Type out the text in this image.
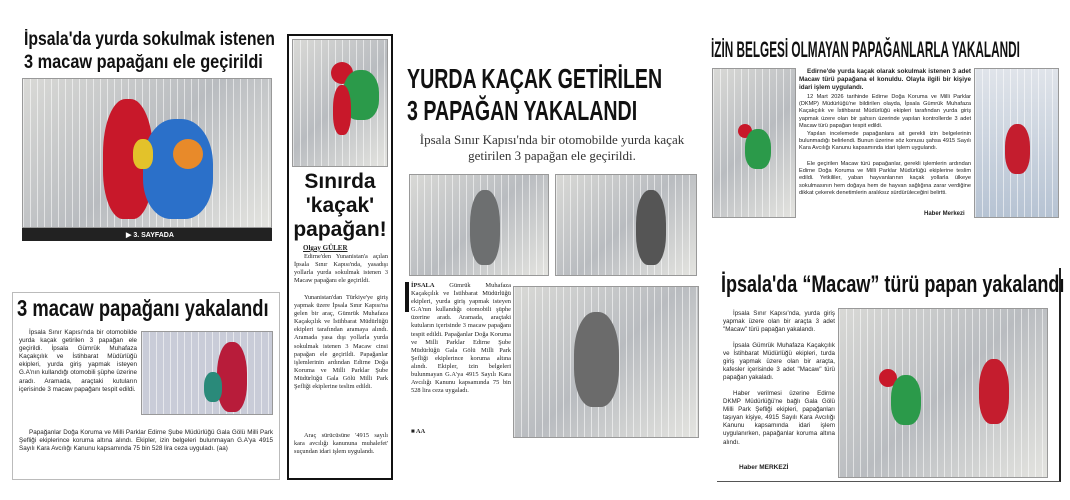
İpsala'da yurda sokulmak istenen
3 macaw papağanı ele geçirildi
▶ 3. SAYFADA
3 macaw papağanı yakalandı
İpsala Sınır Kapısı'nda bir otomobilde yurda kaçak getirilen 3 papağan ele geçirildi. İpsala Gümrük Muhafaza Kaçakçılık ve İstihbarat Müdürlüğü ekipleri, yurda giriş yapmak isteyen G.A'nın kullandığı otomobili şüphe üzerine aradı. Aramada, araçtaki kutuların içerisinde 3 macaw papağanı tespit edildi.
Papağanlar Doğa Koruma ve Milli Parklar Edirne Şube Müdürlüğü Gala Gölü Milli Park Şefliği ekiplerince koruma altına alındı. Ekipler, izin belgeleri bulunmayan G.A'ya 4915 Sayılı Kara Avcılığı Kanunu kapsamında 75 bin 528 lira ceza uyguladı. (aa)
Sınırda 'kaçak' papağan!
Olgay GÜLER
Edirne'den Yunanistan'a açılan İpsala Sınır Kapısı'nda, yasadışı yollarla yurda sokulmak istenen 3 Macaw papağanı ele geçirildi.
Yunanistan'dan Türkiye'ye giriş yapmak üzere İpsala Sınır Kapısı'na gelen bir araç, Gümrük Muhafaza Kaçakçılık ve İstihbarat Müdürlüğü ekipleri tarafından aramaya alındı. Aramada yasa dışı yollarla yurda sokulmak istenen 3 Macaw cinsi papağan ele geçirildi. Papağanlar işlemlerinin ardından Edirne Doğa Koruma ve Milli Parklar Şube Müdürlüğü Gala Gölü Milli Park Şefliği ekiplerine teslim edildi.
Araç sürücüsüne '4915 sayılı kara avcılığı kanununa muhalefet' suçundan idari işlem uygulandı.
YURDA KAÇAK GETİRİLEN
3 PAPAĞAN YAKALANDI
İpsala Sınır Kapısı'nda bir otomobilde yurda kaçak getirilen 3 papağan ele geçirildi.
İPSALA Gümrük Muhafaza Kaçakçılık ve İstihbarat Müdürlüğü ekipleri, yurda giriş yapmak isteyen G.A'nın kullandığı otomobili şüphe üzerine aradı. Aramada, araçtaki kutuların içerisinde 3 macaw papağanı tespit edildi. Papağanlar Doğa Koruma ve Milli Parklar Edirne Şube Müdürlüğü Gala Gölü Milli Park Şefliği ekiplerince koruma altına alındı. Ekipler, izin belgeleri bulunmayan G.A'ya 4915 Sayılı Kara Avcılığı Kanunu kapsamında 75 bin 528 lira ceza uygaladı.
■ AA
İZİN BELGESİ OLMAYAN PAPAĞANLARLA YAKALANDI
Edirne'de yurda kaçak olarak sokulmak istenen 3 adet Macaw türü papağana el konuldu. Olayla ilgili bir kişiye idari işlem uygulandı.
12 Mart 2026 tarihinde Edirne Doğa Koruma ve Milli Parklar (DKMP) Müdürlüğü'ne bildirilen olayda, İpsala Gümrük Muhafaza Kaçakçılık ve İstihbarat Müdürlüğü ekipleri tarafından yurda giriş yapmak üzere olan bir şahsın üzerinde yapılan kontrollerde 3 adet Macaw türü papağan tespit edildi.
Yapılan incelemede papağanlara ait gerekli izin belgelerinin bulunmadığı belirlendi. Bunun üzerine söz konusu şahsa 4915 Sayılı Kara Avcılığı Kanunu kapsamında idari işlem uygulandı.
Ele geçirilen Macaw türü papağanlar, gerekli işlemlerin ardından Edirne Doğa Koruma ve Milli Parklar Müdürlüğü ekiplerine teslim edildi. Yetkililer, yaban hayvanlarının kaçak yollarla ülkeye sokulmasının hem doğaya hem de hayvan sağlığına zarar verdiğine dikkat çekerek denetimlerin aralıksız sürdürüleceğini belirtti.
Haber Merkezi
İpsala'da “Macaw” türü papan yakalandı
İpsala Sınır Kapısı'nda, yurda giriş yapmak üzere olan bir araçta 3 adet "Macaw" türü papağan yakalandı.
İpsala Gümrük Muhafaza Kaçakçılık ve İstihbarat Müdürlüğü ekipleri, turda giriş yapmak üzere olan bir araçta, kafesler içerisinde 3 adet "Macaw" türü papağan yakaladı.
Haber verilmesi üzerine Edirne DKMP Müdürlüğü'ne bağlı Gala Gölü Milli Park Şefliği ekipleri, papağanları taşıyan kişiye, 4915 Sayılı Kara Avcılığı Kanunu kapsamında idari işlem uygulanırken, papağanlar koruma altına alındı.
Haber MERKEZİ
